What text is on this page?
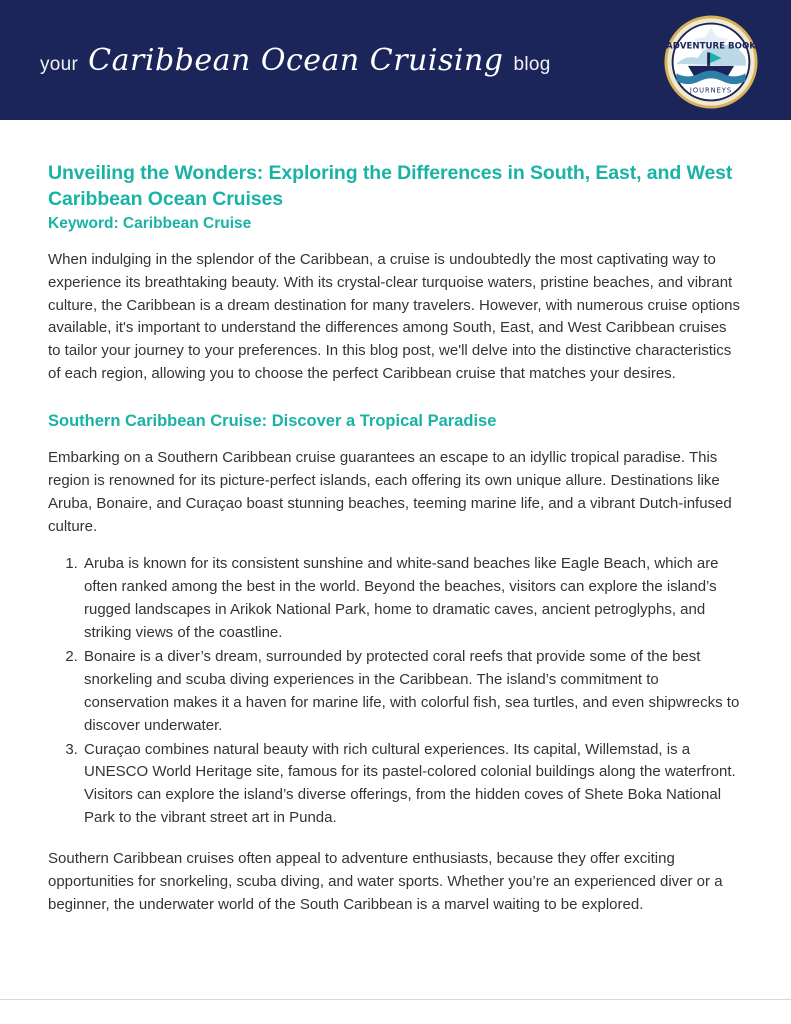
your Caribbean Ocean Cruising blog
ADVENTURE BOOK
JOURNEYS
Unveiling the Wonders: Exploring the Differences in South, East, and West Caribbean Ocean Cruises
Keyword: Caribbean Cruise

When indulging in the splendor of the Caribbean, a cruise is undoubtedly the most captivating way to experience its breathtaking beauty. With its crystal-clear turquoise waters, pristine beaches, and vibrant culture, the Caribbean is a dream destination for many travelers. However, with numerous cruise options available, it's important to understand the differences among South, East, and West Caribbean cruises to tailor your journey to your preferences. In this blog post, we'll delve into the distinctive characteristics of each region, allowing you to choose the perfect Caribbean cruise that matches your desires.

Southern Caribbean Cruise: Discover a Tropical Paradise

Embarking on a Southern Caribbean cruise guarantees an escape to an idyllic tropical paradise. This region is renowned for its picture-perfect islands, each offering its own unique allure. Destinations like Aruba, Bonaire, and Curaçao boast stunning beaches, teeming marine life, and a vibrant Dutch-infused culture.

1. Aruba is known for its consistent sunshine and white-sand beaches like Eagle Beach, which are often ranked among the best in the world. Beyond the beaches, visitors can explore the island’s rugged landscapes in Arikok National Park, home to dramatic caves, ancient petroglyphs, and striking views of the coastline.
2. Bonaire is a diver’s dream, surrounded by protected coral reefs that provide some of the best snorkeling and scuba diving experiences in the Caribbean. The island’s commitment to conservation makes it a haven for marine life, with colorful fish, sea turtles, and even shipwrecks to discover underwater.
3. Curaçao combines natural beauty with rich cultural experiences. Its capital, Willemstad, is a UNESCO World Heritage site, famous for its pastel-colored colonial buildings along the waterfront. Visitors can explore the island’s diverse offerings, from the hidden coves of Shete Boka National Park to the vibrant street art in Punda.

Southern Caribbean cruises often appeal to adventure enthusiasts, because they offer exciting opportunities for snorkeling, scuba diving, and water sports. Whether you’re an experienced diver or a beginner, the underwater world of the South Caribbean is a marvel waiting to be explored.
